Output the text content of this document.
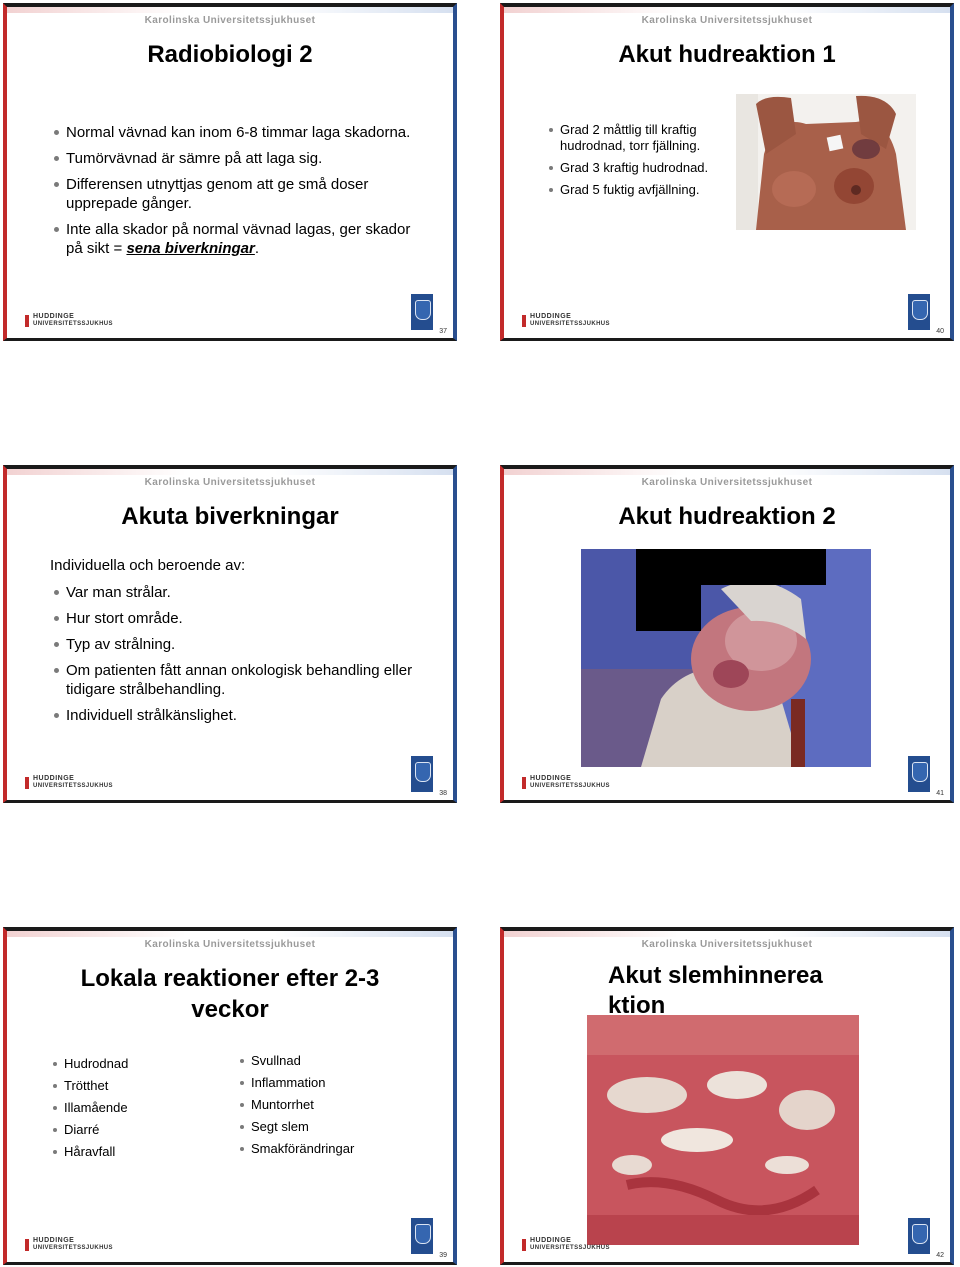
Karolinska Universitetssjukhuset
Radiobiologi 2
Normal vävnad kan inom 6-8 timmar laga skadorna.
Tumörvävnad är sämre på att laga sig.
Differensen utnyttjas genom att ge små doser upprepade gånger.
Inte alla skador på normal vävnad lagas, ger skador på sikt = sena biverkningar.
HUDDINGE
UNIVERSITETSSJUKHUS
37
Karolinska Universitetssjukhuset
Akut hudreaktion 1
Grad 2 måttlig till kraftig hudrodnad, torr fjällning.
Grad 3 kraftig hudrodnad.
Grad 5 fuktig avfjällning.
HUDDINGE
UNIVERSITETSSJUKHUS
40
Karolinska Universitetssjukhuset
Akuta biverkningar
Individuella och beroende av:
Var man strålar.
Hur stort område.
Typ av strålning.
Om patienten fått annan onkologisk behandling eller tidigare strålbehandling.
Individuell strålkänslighet.
HUDDINGE
UNIVERSITETSSJUKHUS
38
Karolinska Universitetssjukhuset
Akut hudreaktion 2
HUDDINGE
UNIVERSITETSSJUKHUS
41
Karolinska Universitetssjukhuset
Lokala reaktioner efter 2-3 veckor
Hudrodnad
Trötthet
Illamående
Diarré
Håravfall
Svullnad
Inflammation
Muntorrhet
Segt slem
Smakförändringar
HUDDINGE
UNIVERSITETSSJUKHUS
39
Karolinska Universitetssjukhuset
Akut slemhinnereaktion
HUDDINGE
UNIVERSITETSSJUKHUS
42
